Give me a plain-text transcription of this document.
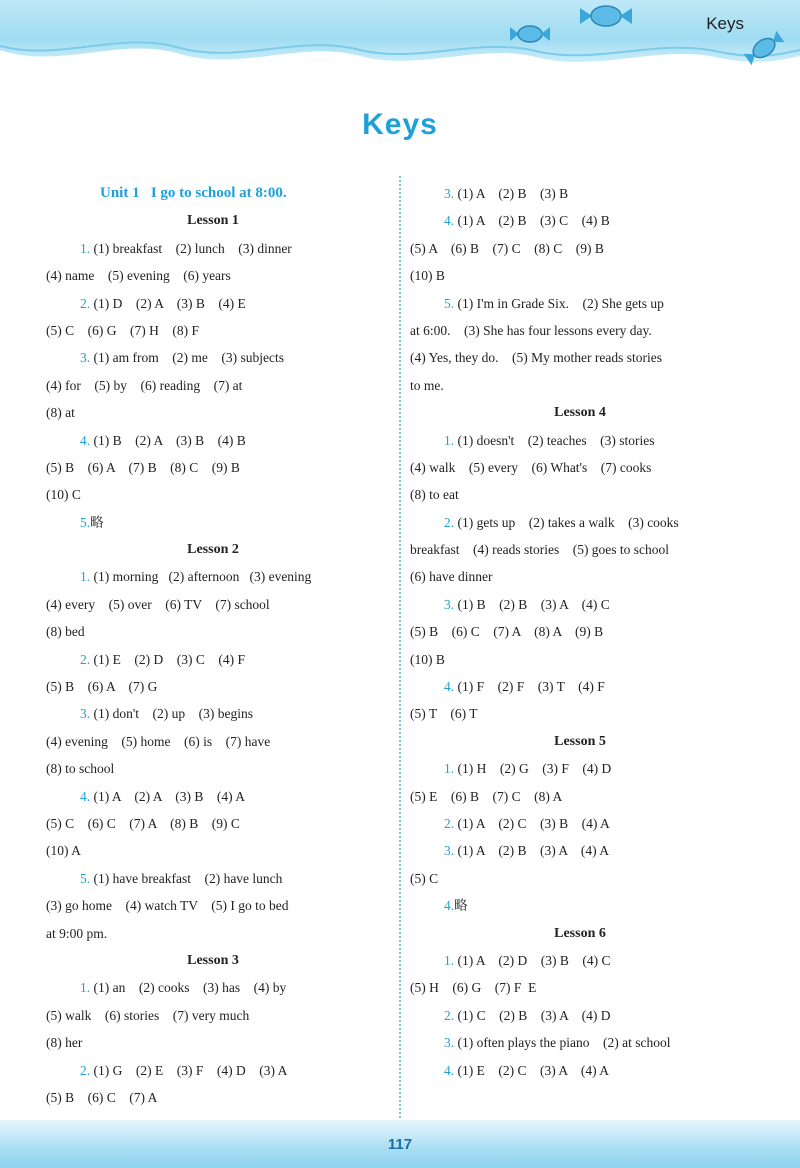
Keys
Keys
Unit 1   I go to school at 8:00.
Lesson 1
1. (1) breakfast    (2) lunch    (3) dinner
(4) name    (5) evening    (6) years
2. (1) D    (2) A    (3) B    (4) E
(5) C    (6) G    (7) H    (8) F
3. (1) am from    (2) me    (3) subjects
(4) for    (5) by    (6) reading    (7) at
(8) at
4. (1) B    (2) A    (3) B    (4) B
(5) B    (6) A    (7) B    (8) C    (9) B
(10) C
5.略
Lesson 2
1. (1) morning   (2) afternoon   (3) evening
(4) every    (5) over    (6) TV    (7) school
(8) bed
2. (1) E    (2) D    (3) C    (4) F
(5) B    (6) A    (7) G
3. (1) don't    (2) up    (3) begins
(4) evening    (5) home    (6) is    (7) have
(8) to school
4. (1) A    (2) A    (3) B    (4) A
(5) C    (6) C    (7) A    (8) B    (9) C
(10) A
5. (1) have breakfast    (2) have lunch
(3) go home    (4) watch TV    (5) I go to bed
at 9:00 pm.
Lesson 3
1. (1) an    (2) cooks    (3) has    (4) by
(5) walk    (6) stories    (7) very much
(8) her
2. (1) G    (2) E    (3) F    (4) D    (3) A
(5) B    (6) C    (7) A
3. (1) A    (2) B    (3) B
4. (1) A    (2) B    (3) C    (4) B
(5) A    (6) B    (7) C    (8) C    (9) B
(10) B
5. (1) I'm in Grade Six.    (2) She gets up
at 6:00.    (3) She has four lessons every day.
(4) Yes, they do.    (5) My mother reads stories
to me.
Lesson 4
1. (1) doesn't    (2) teaches    (3) stories
(4) walk    (5) every    (6) What's    (7) cooks
(8) to eat
2. (1) gets up    (2) takes a walk    (3) cooks
breakfast    (4) reads stories    (5) goes to school
(6) have dinner
3. (1) B    (2) B    (3) A    (4) C
(5) B    (6) C    (7) A    (8) A    (9) B
(10) B
4. (1) F    (2) F    (3) T    (4) F
(5) T    (6) T
Lesson 5
1. (1) H    (2) G    (3) F    (4) D
(5) E    (6) B    (7) C    (8) A
2. (1) A    (2) C    (3) B    (4) A
3. (1) A    (2) B    (3) A    (4) A
(5) C
4.略
Lesson 6
1. (1) A    (2) D    (3) B    (4) C
(5) H    (6) G    (7) F  E
2. (1) C    (2) B    (3) A    (4) D
3. (1) often plays the piano    (2) at school
4. (1) E    (2) C    (3) A    (4) A
117
